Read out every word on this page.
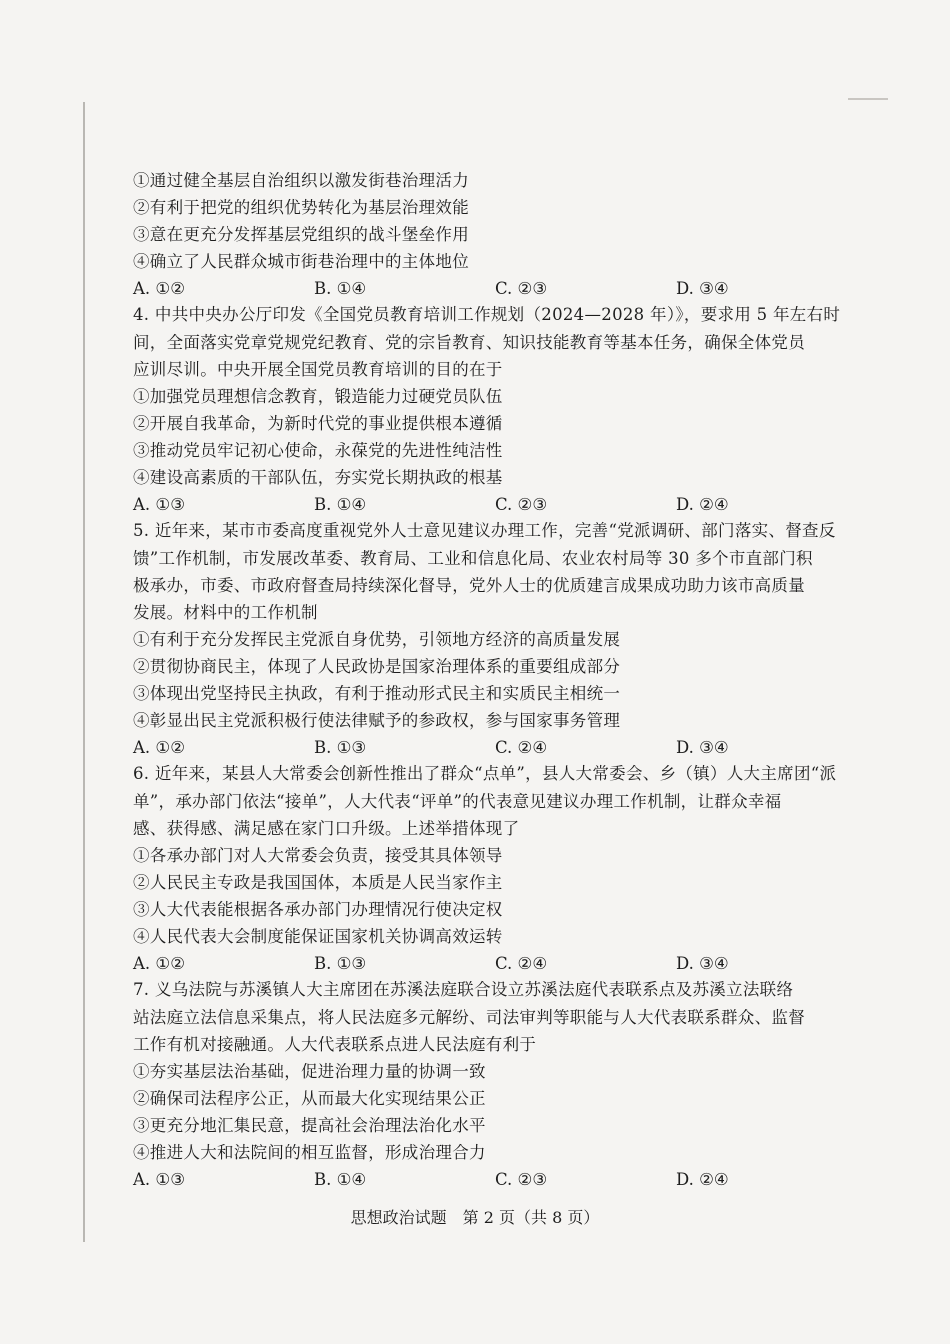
①通过健全基层自治组织以激发街巷治理活力
②有利于把党的组织优势转化为基层治理效能
③意在更充分发挥基层党组织的战斗堡垒作用
④确立了人民群众城市街巷治理中的主体地位
A. ①②	B. ①④	C. ②③	D. ③④
4. 中共中央办公厅印发《全国党员教育培训工作规划（2024—2028 年）》，要求用 5 年左右时
间，全面落实党章党规党纪教育、党的宗旨教育、知识技能教育等基本任务，确保全体党员
应训尽训。中央开展全国党员教育培训的目的在于
①加强党员理想信念教育，锻造能力过硬党员队伍
②开展自我革命，为新时代党的事业提供根本遵循
③推动党员牢记初心使命，永葆党的先进性纯洁性
④建设高素质的干部队伍，夯实党长期执政的根基
A. ①③	B. ①④	C. ②③	D. ②④
5. 近年来，某市市委高度重视党外人士意见建议办理工作，完善“党派调研、部门落实、督查反
馈”工作机制，市发展改革委、教育局、工业和信息化局、农业农村局等 30 多个市直部门积
极承办，市委、市政府督查局持续深化督导，党外人士的优质建言成果成功助力该市高质量
发展。材料中的工作机制
①有利于充分发挥民主党派自身优势，引领地方经济的高质量发展
②贯彻协商民主，体现了人民政协是国家治理体系的重要组成部分
③体现出党坚持民主执政，有利于推动形式民主和实质民主相统一
④彰显出民主党派积极行使法律赋予的参政权，参与国家事务管理
A. ①②	B. ①③	C. ②④	D. ③④
6. 近年来，某县人大常委会创新性推出了群众“点单”，县人大常委会、乡（镇）人大主席团“派
单”，承办部门依法“接单”，人大代表“评单”的代表意见建议办理工作机制，让群众幸福
感、获得感、满足感在家门口升级。上述举措体现了
①各承办部门对人大常委会负责，接受其具体领导
②人民民主专政是我国国体，本质是人民当家作主
③人大代表能根据各承办部门办理情况行使决定权
④人民代表大会制度能保证国家机关协调高效运转
A. ①②	B. ①③	C. ②④	D. ③④
7. 义乌法院与苏溪镇人大主席团在苏溪法庭联合设立苏溪法庭代表联系点及苏溪立法联络
站法庭立法信息采集点，将人民法庭多元解纷、司法审判等职能与人大代表联系群众、监督
工作有机对接融通。人大代表联系点进人民法庭有利于
①夯实基层法治基础，促进治理力量的协调一致
②确保司法程序公正，从而最大化实现结果公正
③更充分地汇集民意，提高社会治理法治化水平
④推进人大和法院间的相互监督，形成治理合力
A. ①③	B. ①④	C. ②③	D. ②④
思想政治试题　第 2 页（共 8 页）
